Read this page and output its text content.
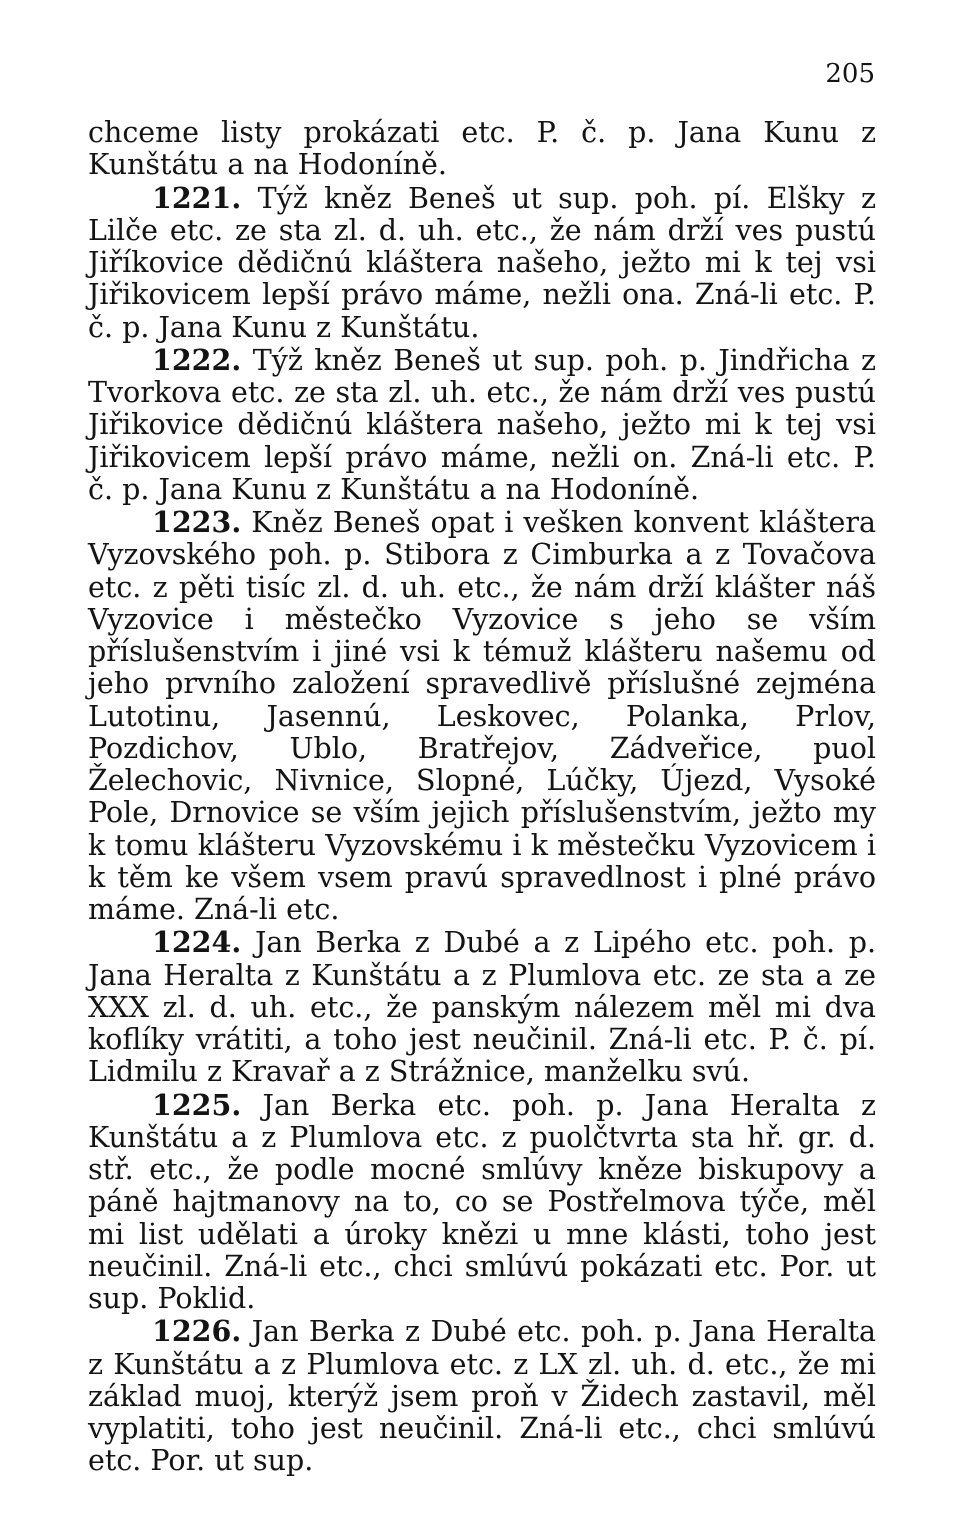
205

chceme listy prokázati etc. P. č. p. Jana Kunu z Kunštátu a na Hodoníně.

1221. Týž kněz Beneš ut sup. poh. pí. Elšky z Lilče etc. ze sta zl. d. uh. etc., že nám drží ves pustú Jiříkovice dědičnú kláštera našeho, ježto mi k tej vsi Jiřikovicem lepší právo máme, nežli ona. Zná-li etc. P. č. p. Jana Kunu z Kunštátu.

1222. Týž kněz Beneš ut sup. poh. p. Jindřicha z Tvorkova etc. ze sta zl. uh. etc., že nám drží ves pustú Jiřikovice dědičnú kláštera našeho, ježto mi k tej vsi Jiřikovicem lepší právo máme, nežli on. Zná-li etc. P. č. p. Jana Kunu z Kunštátu a na Hodoníně.

1223. Kněz Beneš opat i vešken konvent kláštera Vyzovského poh. p. Stibora z Cimburka a z Tovačova etc. z pěti tisíc zl. d. uh. etc., že nám drží klášter náš Vyzovice i městečko Vyzovice s jeho se vším příslušenstvím i jiné vsi k témuž klášteru našemu od jeho prvního založení spravedlivě příslušné zejména Lutotinu, Jasennú, Leskovec, Polanka, Prlov, Pozdichov, Ublo, Bratřejov, Zádveřice, puol Želechovic, Nivnice, Slopné, Lúčky, Újezd, Vysoké Pole, Drnovice se vším jejich příslušenstvím, ježto my k tomu klášteru Vyzovskému i k městečku Vyzovicem i k těm ke všem vsem pravú spravedlnost i plné právo máme. Zná-li etc.

1224. Jan Berka z Dubé a z Lipého etc. poh. p. Jana Heralta z Kunštátu a z Plumlova etc. ze sta a ze XXX zl. d. uh. etc., že panským nálezem měl mi dva koflíky vrátiti, a toho jest neučinil. Zná-li etc. P. č. pí. Lidmilu z Kravař a z Strážnice, manželku svú.

1225. Jan Berka etc. poh. p. Jana Heralta z Kunštátu a z Plumlova etc. z puolčtvrta sta hř. gr. d. stř. etc., že podle mocné smlúvy kněze biskupovy a páně hajtmanovy na to, co se Postřelmova týče, měl mi list udělati a úroky knězi u mne klásti, toho jest neučinil. Zná-li etc., chci smlúvú pokázati etc. Por. ut sup. Poklid.

1226. Jan Berka z Dubé etc. poh. p. Jana Heralta z Kunštátu a z Plumlova etc. z LX zl. uh. d. etc., že mi základ muoj, kterýž jsem proň v Židech zastavil, měl vyplatiti, toho jest neučinil. Zná-li etc., chci smlúvú etc. Por. ut sup.
